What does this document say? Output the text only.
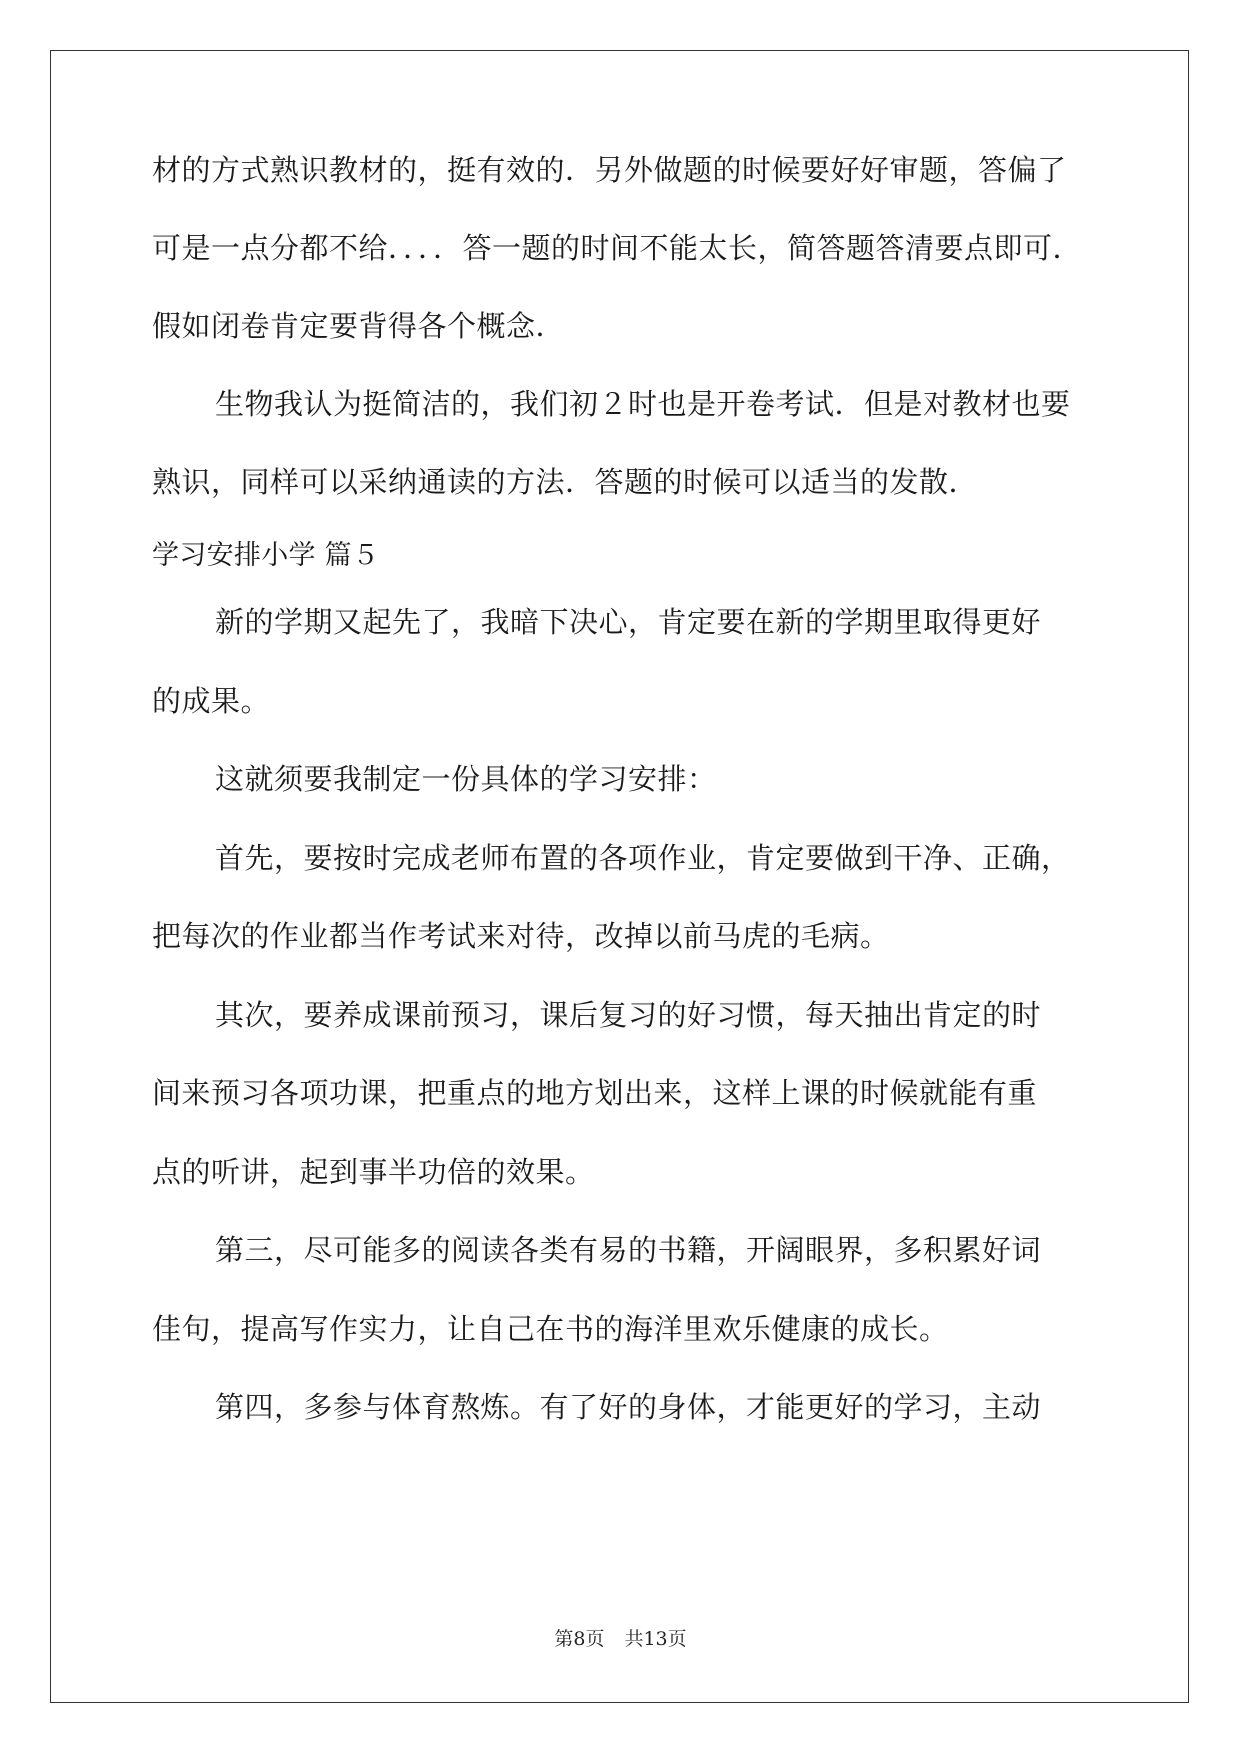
材的方式熟识教材的，挺有效的．另外做题的时候要好好审题，答偏了
可是一点分都不给．．．．答一题的时间不能太长，简答题答清要点即可．
假如闭卷肯定要背得各个概念．
生物我认为挺简洁的，我们初２时也是开卷考试．但是对教材也要
熟识，同样可以采纳通读的方法．答题的时候可以适当的发散．
学习安排小学 篇５
新的学期又起先了，我暗下决心，肯定要在新的学期里取得更好
的成果。
这就须要我制定一份具体的学习安排：
首先，要按时完成老师布置的各项作业，肯定要做到干净、正确，
把每次的作业都当作考试来对待，改掉以前马虎的毛病。
其次，要养成课前预习，课后复习的好习惯，每天抽出肯定的时
间来预习各项功课，把重点的地方划出来，这样上课的时候就能有重
点的听讲，起到事半功倍的效果。
第三，尽可能多的阅读各类有易的书籍，开阔眼界，多积累好词
佳句，提高写作实力，让自己在书的海洋里欢乐健康的成长。
第四，多参与体育熬炼。有了好的身体，才能更好的学习，主动
第8页 共13页
